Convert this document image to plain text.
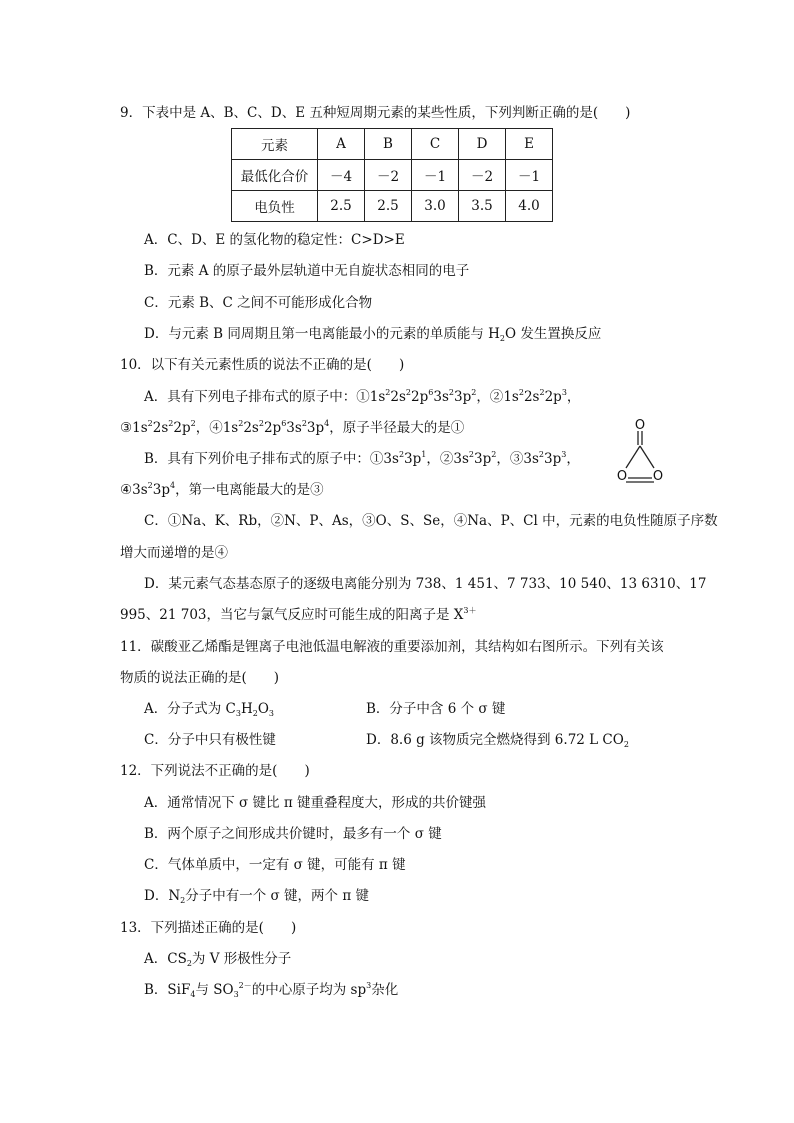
9．下表中是 A、B、C、D、E 五种短周期元素的某些性质，下列判断正确的是(　　)
元素	A	B	C	D	E
最低化合价	－4	－2	－1	－2	－1
电负性	2.5	2.5	3.0	3.5	4.0
A．C、D、E 的氢化物的稳定性：C>D>E
B．元素 A 的原子最外层轨道中无自旋状态相同的电子
C．元素 B、C 之间不可能形成化合物
D．与元素 B 同周期且第一电离能最小的元素的单质能与 $H_2O$ 发生置换反应
10．以下有关元素性质的说法不正确的是(　　)
A．具有下列电子排布式的原子中：$①1s^22s^22p^63s^23p^2$，$②1s^22s^22p^3$，
$③1s^22s^22p^2$，$④1s^22s^22p^63s^23p^4$，原子半径最大的是①
B．具有下列价电子排布式的原子中：$①3s^23p^1$，$②3s^23p^2$，$③3s^23p^3$，
$④3s^23p^4$，第一电离能最大的是③
O
O O
C．①Na、K、Rb，②N、P、As，③O、S、Se，④Na、P、Cl 中，元素的电负性随原子序数
增大而递增的是④
D．某元素气态基态原子的逐级电离能分别为 738、1 451、7 733、10 540、13 6310、17
995、21 703，当它与氯气反应时可能生成的阳离子是 $X^{3+}$
11．碳酸亚乙烯酯是锂离子电池低温电解液的重要添加剂，其结构如右图所示。下列有关该
物质的说法正确的是(　　)
A．分子式为 $C_3H_2O_3$	B．分子中含 6 个 σ 键
C．分子中只有极性键	D．8.6 g 该物质完全燃烧得到 6.72 L $CO_2$
12．下列说法不正确的是(　　)
A．通常情况下 σ 键比 π 键重叠程度大，形成的共价键强
B．两个原子之间形成共价键时，最多有一个 σ 键
C．气体单质中，一定有 σ 键，可能有 π 键
D．$N_2$分子中有一个 σ 键，两个 π 键
13．下列描述正确的是(　　)
A．$CS_2$为 V 形极性分子
B．SiF$_4$与 $SO_3^{2-}$的中心原子均为 $sp^3$杂化
